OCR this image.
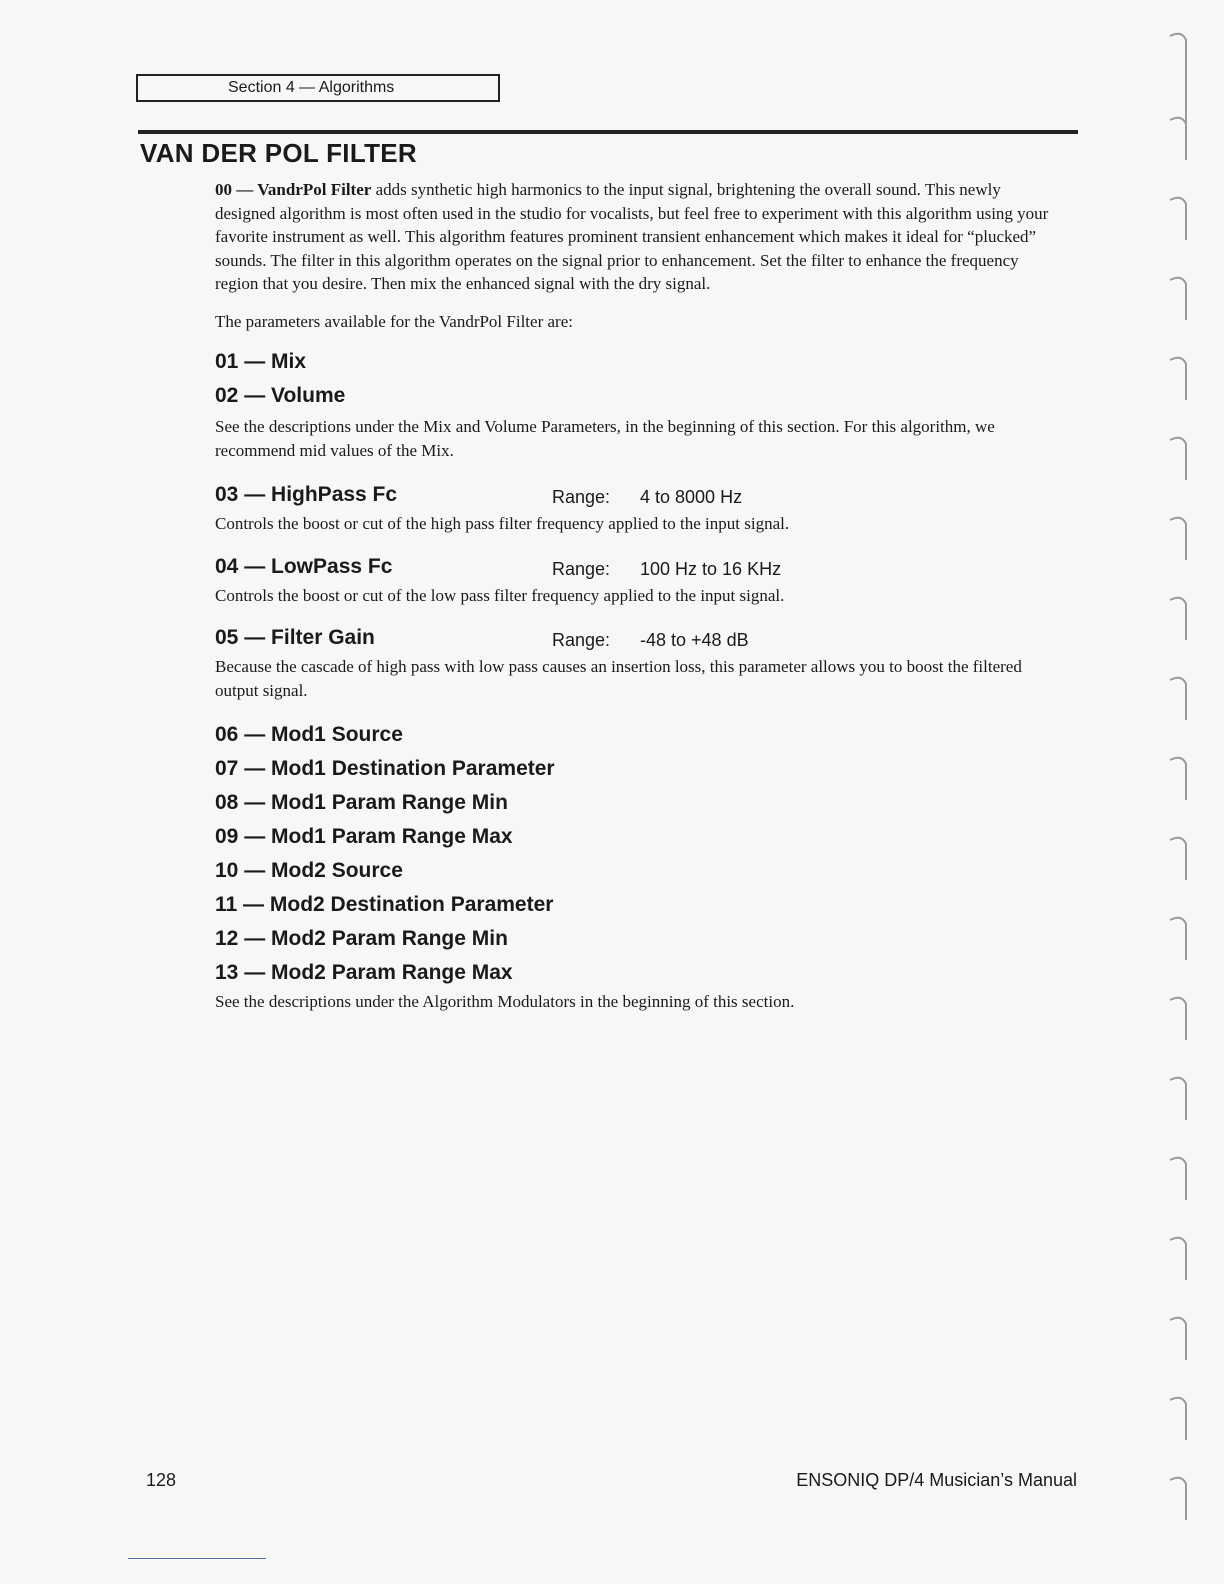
Section 4 — Algorithms
VAN DER POL FILTER

00 — VandrPol Filter adds synthetic high harmonics to the input signal, brightening the overall sound. This newly designed algorithm is most often used in the studio for vocalists, but feel free to experiment with this algorithm using your favorite instrument as well. This algorithm features prominent transient enhancement which makes it ideal for “plucked” sounds. The filter in this algorithm operates on the signal prior to enhancement. Set the filter to enhance the frequency region that you desire. Then mix the enhanced signal with the dry signal.

The parameters available for the VandrPol Filter are:

01 — Mix
02 — Volume

See the descriptions under the Mix and Volume Parameters, in the beginning of this section. For this algorithm, we recommend mid values of the Mix.

03 — HighPass Fc	Range: 4 to 8000 Hz

Controls the boost or cut of the high pass filter frequency applied to the input signal.

04 — LowPass Fc	Range: 100 Hz to 16 KHz

Controls the boost or cut of the low pass filter frequency applied to the input signal.

05 — Filter Gain	Range: -48 to +48 dB

Because the cascade of high pass with low pass causes an insertion loss, this parameter allows you to boost the filtered output signal.

06 — Mod1 Source
07 — Mod1 Destination Parameter
08 — Mod1 Param Range Min
09 — Mod1 Param Range Max
10 — Mod2 Source
11 — Mod2 Destination Parameter
12 — Mod2 Param Range Min
13 — Mod2 Param Range Max

See the descriptions under the Algorithm Modulators in the beginning of this section.

128	ENSONIQ DP/4 Musician’s Manual
